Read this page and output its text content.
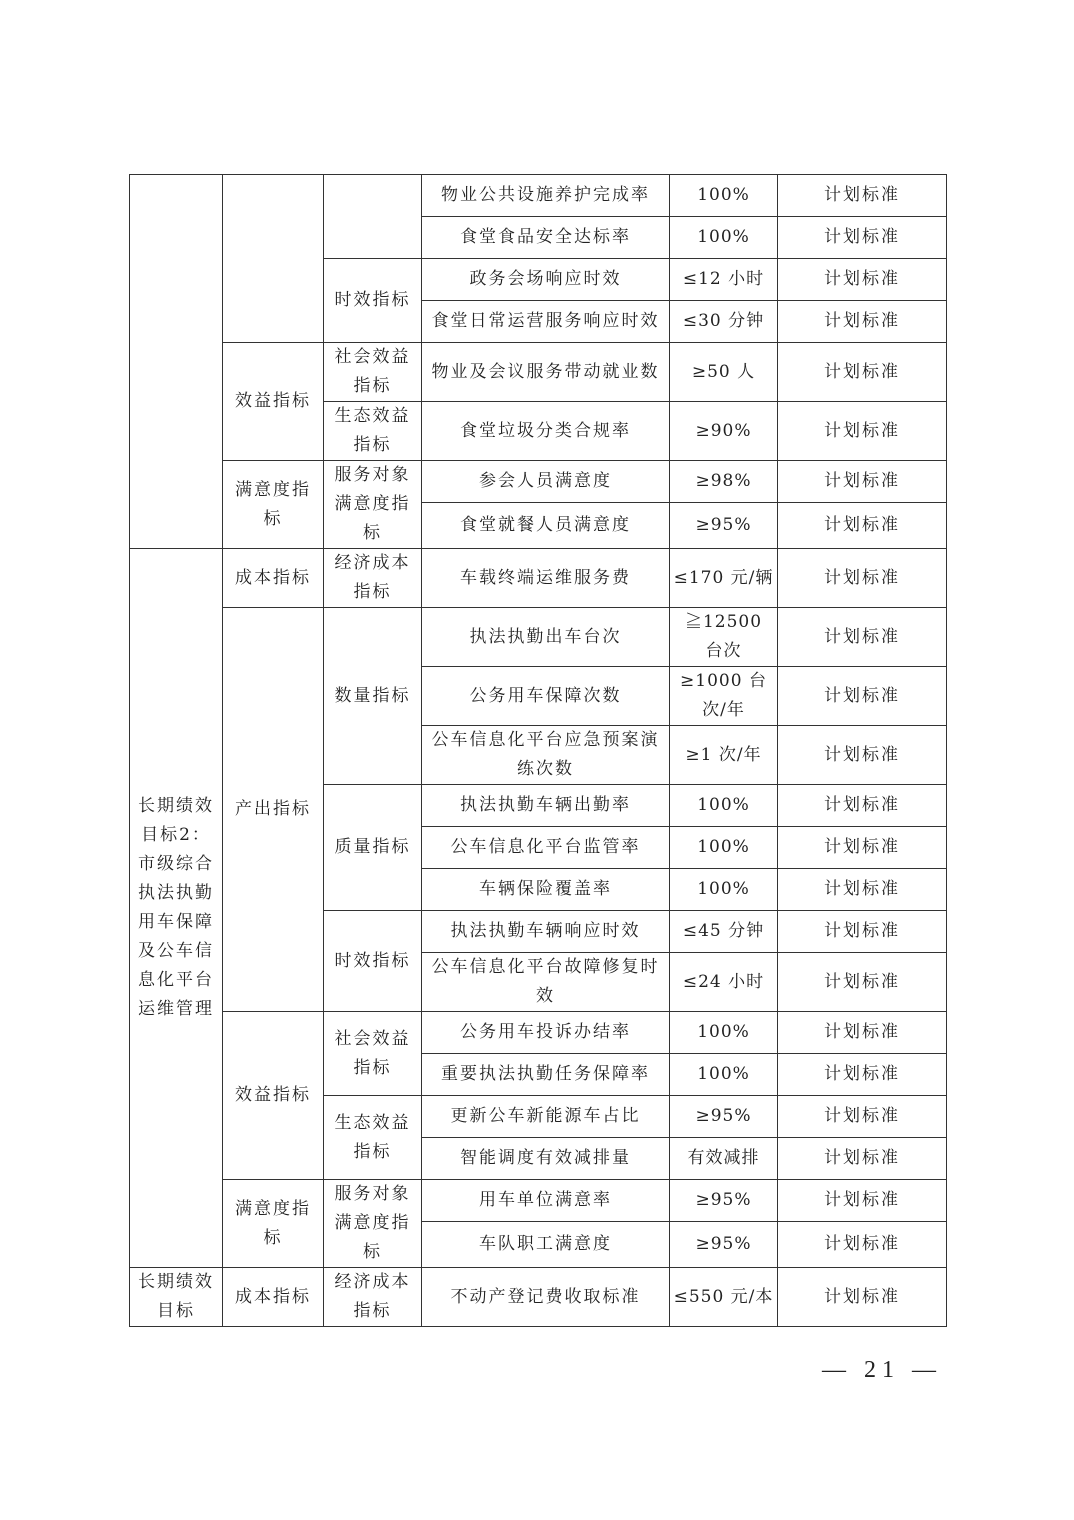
			物业公共设施养护完成率	100%	计划标准
			食堂食品安全达标率	100%	计划标准
		时效指标	政务会场响应时效	≤12 小时	计划标准
			食堂日常运营服务响应时效	≤30 分钟	计划标准
	效益指标	社会效益指标	物业及会议服务带动就业数	≥50 人	计划标准
		生态效益指标	食堂垃圾分类合规率	≥90%	计划标准
	满意度指标	服务对象满意度指标	参会人员满意度	≥98%	计划标准
			食堂就餐人员满意度	≥95%	计划标准
长期绩效目标2：市级综合执法执勤用车保障及公车信息化平台运维管理	成本指标	经济成本指标	车载终端运维服务费	≤170 元/辆	计划标准
	产出指标	数量指标	执法执勤出车台次	≧12500 台次	计划标准
			公务用车保障次数	≥1000 台次/年	计划标准
			公车信息化平台应急预案演练次数	≥1 次/年	计划标准
		质量指标	执法执勤车辆出勤率	100%	计划标准
			公车信息化平台监管率	100%	计划标准
			车辆保险覆盖率	100%	计划标准
		时效指标	执法执勤车辆响应时效	≤45 分钟	计划标准
			公车信息化平台故障修复时效	≤24 小时	计划标准
	效益指标	社会效益指标	公务用车投诉办结率	100%	计划标准
			重要执法执勤任务保障率	100%	计划标准
		生态效益指标	更新公车新能源车占比	≥95%	计划标准
			智能调度有效减排量	有效减排	计划标准
	满意度指标	服务对象满意度指标	用车单位满意率	≥95%	计划标准
			车队职工满意度	≥95%	计划标准
长期绩效目标	成本指标	经济成本指标	不动产登记费收取标准	≤550 元/本	计划标准
— 21 —
